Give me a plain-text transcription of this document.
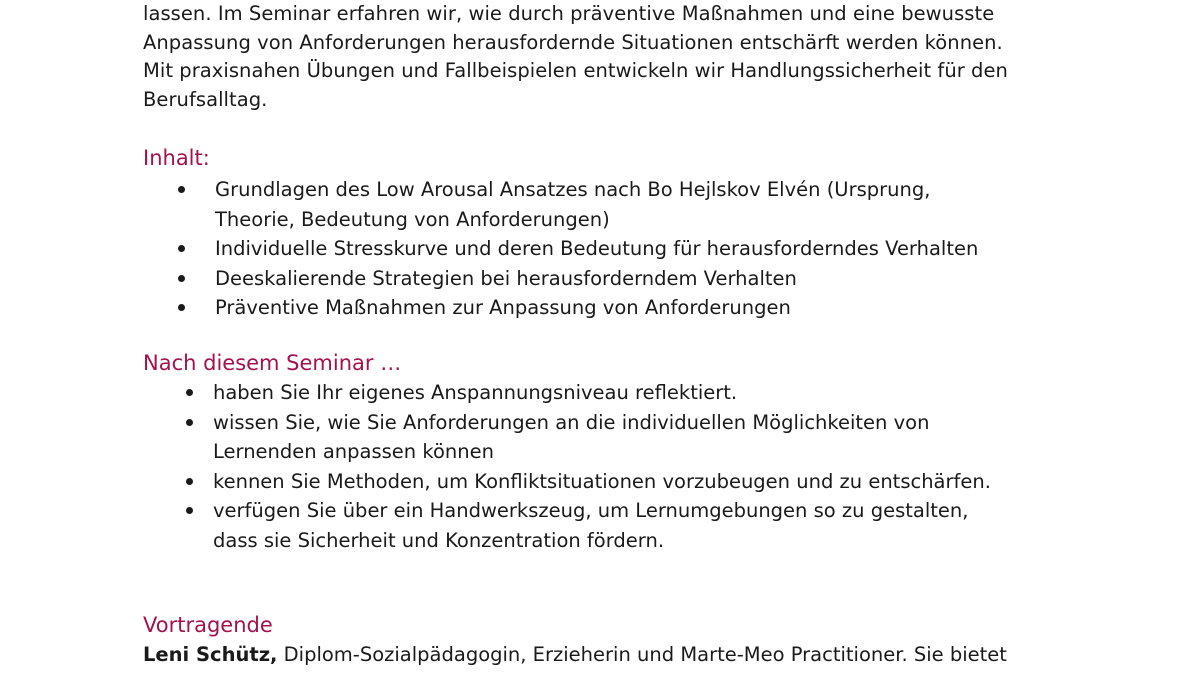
lassen. Im Seminar erfahren wir, wie durch präventive Maßnahmen und eine bewusste
Anpassung von Anforderungen herausfordernde Situationen entschärft werden können.
Mit praxisnahen Übungen und Fallbeispielen entwickeln wir Handlungssicherheit für den
Berufsalltag.

Inhalt:
Grundlagen des Low Arousal Ansatzes nach Bo Hejlskov Elvén (Ursprung, Theorie, Bedeutung von Anforderungen)
Individuelle Stresskurve und deren Bedeutung für herausforderndes Verhalten
Deeskalierende Strategien bei herausforderndem Verhalten
Präventive Maßnahmen zur Anpassung von Anforderungen
Nach diesem Seminar …
haben Sie Ihr eigenes Anspannungsniveau reflektiert.
wissen Sie, wie Sie Anforderungen an die individuellen Möglichkeiten von Lernenden anpassen können
kennen Sie Methoden, um Konfliktsituationen vorzubeugen und zu entschärfen.
verfügen Sie über ein Handwerkszeug, um Lernumgebungen so zu gestalten, dass sie Sicherheit und Konzentration fördern.
Vortragende

Leni Schütz, Diplom-Sozialpädagogin, Erzieherin und Marte-Meo Practitioner. Sie bietet
